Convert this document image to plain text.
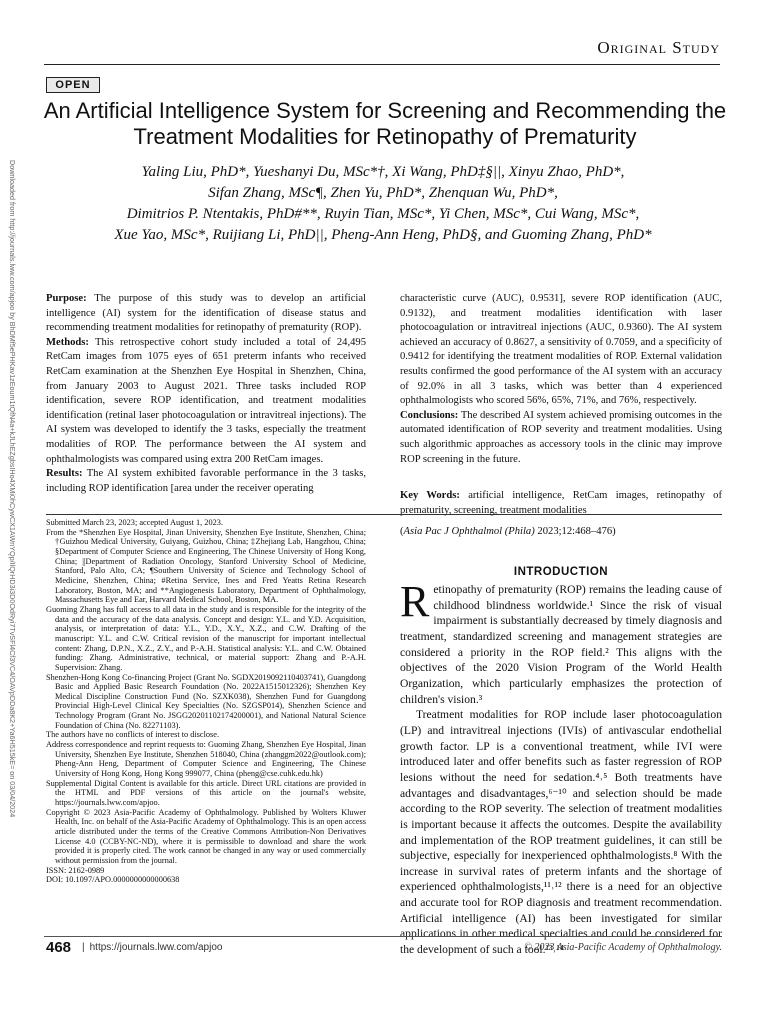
Original Study
OPEN
An Artificial Intelligence System for Screening and Recommending the Treatment Modalities for Retinopathy of Prematurity
Yaling Liu, PhD*, Yueshanyi Du, MSc*†, Xi Wang, PhD‡§||, Xinyu Zhao, PhD*,
Sifan Zhang, MSc¶, Zhen Yu, PhD*, Zhenquan Wu, PhD*,
Dimitrios P. Ntentakis, PhD#**, Ruyin Tian, MSc*, Yi Chen, MSc*, Cui Wang, MSc*,
Xue Yao, MSc*, Ruijiang Li, PhD||, Pheng-Ann Heng, PhD§, and Guoming Zhang, PhD*
Downloaded from http://journals.lww.com/apjoo by BhDMf5ePHKav1zEoum1tQfN4a+kJLhEZgbsIHo4XMi0hCywCX1AWnYQp/IlQrHD3i3D0OdRyi7TvSFl4Cf3VC4/OAVpDDa8K2+Ya6H515kE= on 03/04/2024	Purpose: The purpose of this study was to develop an artificial intelligence (AI) system for the identification of disease status and recommending treatment modalities for retinopathy of prematurity (ROP).

Methods: This retrospective cohort study included a total of 24,495 RetCam images from 1075 eyes of 651 preterm infants who received RetCam examination at the Shenzhen Eye Hospital in Shenzhen, China, from January 2003 to August 2021. Three tasks included ROP identification, severe ROP identification, and treatment modalities identification (retinal laser photocoagulation or intravitreal injections). The AI system was developed to identify the 3 tasks, especially the treatment modalities of ROP. The performance between the AI system and ophthalmologists was compared using extra 200 RetCam images.

Results: The AI system exhibited favorable performance in the 3 tasks, including ROP identification [area under the receiver operating

characteristic curve (AUC), 0.9531], severe ROP identification (AUC, 0.9132), and treatment modalities identification with laser photocoagulation or intravitreal injections (AUC, 0.9360). The AI system achieved an accuracy of 0.8627, a sensitivity of 0.7059, and a specificity of 0.9412 for identifying the treatment modalities of ROP. External validation results confirmed the good performance of the AI system with an accuracy of 92.0% in all 3 tasks, which was better than 4 experienced ophthalmologists who scored 56%, 65%, 71%, and 76%, respectively.

Conclusions: The described AI system achieved promising outcomes in the automated identification of ROP severity and treatment modalities. Using such algorithmic approaches as accessory tools in the clinic may improve ROP screening in the future.

Key Words: artificial intelligence, RetCam images, retinopathy of prematurity, screening, treatment modalities
(Asia Pac J Ophthalmol (Phila) 2023;12:468–476)

Submitted March 23, 2023; accepted August 1, 2023.

From the *Shenzhen Eye Hospital, Jinan University, Shenzhen Eye Institute, Shenzhen, China; †Guizhou Medical University, Guiyang, Guizhou, China; ‡Zhejiang Lab, Hangzhou, China; §Department of Computer Science and Engineering, The Chinese University of Hong Kong, China; ||Department of Radiation Oncology, Stanford University School of Medicine, Stanford, Palo Alto, CA; ¶Southern University of Science and Technology School of Medicine, Shenzhen, China; #Retina Service, Ines and Fred Yeatts Retina Research Laboratory, Boston, MA; and **Angiogenesis Laboratory, Department of Ophthalmology, Massachusetts Eye and Ear, Harvard Medical School, Boston, MA.

Guoming Zhang has full access to all data in the study and is responsible for the integrity of the data and the accuracy of the data analysis. Concept and design: Y.L. and Y.D. Acquisition, analysis, or interpretation of data: Y.L., Y.D., X.Y., X.Z., and C.W. Drafting of the manuscript: Y.L. and C.W. Critical revision of the manuscript for important intellectual content: Zhang, D.P.N., X.Z., Z.Y., and P.-A.H. Statistical analysis: Y.L. and C.W. Obtained funding: Zhang. Administrative, technical, or material support: Zhang and P.-A.H. Supervision: Zhang.

Shenzhen-Hong Kong Co-financing Project (Grant No. SGDX2019092110403741), Guangdong Basic and Applied Basic Research Foundation (No. 2022A1515012326); Shenzhen Key Medical Discipline Construction Fund (No. SZXK038), Shenzhen Fund for Guangdong Provincial High-Level Clinical Key Specialties (No. SZGSP014), Shenzhen Science and Technology Program (Grant No. JSGG20201102174200001), and National Natural Science Foundation of China (No. 82271103).

The authors have no conflicts of interest to disclose.

Address correspondence and reprint requests to: Guoming Zhang, Shenzhen Eye Hospital, Jinan University, Shenzhen Eye Institute, Shenzhen 518040, China (zhanggm2022@outlook.com); Pheng-Ann Heng, Department of Computer Science and Engineering, The Chinese University of Hong Kong, Hong Kong 999077, China (pheng@cse.cuhk.edu.hk)

Supplemental Digital Content is available for this article. Direct URL citations are provided in the HTML and PDF versions of this article on the journal's website, https://journals.lww.com/apjoo.

Copyright © 2023 Asia-Pacific Academy of Ophthalmology. Published by Wolters Kluwer Health, Inc. on behalf of the Asia-Pacific Academy of Ophthalmology. This is an open access article distributed under the terms of the Creative Commons Attribution-Non Derivatives License 4.0 (CCBY-NC-ND), where it is permissible to download and share the work provided it is properly cited. The work cannot be changed in any way or used commercially without permission from the journal.

ISSN: 2162-0989

DOI: 10.1097/APO.0000000000000638

INTRODUCTION

Retinopathy of prematurity (ROP) remains the leading cause of childhood blindness worldwide.¹ Since the risk of visual impairment is substantially decreased by timely diagnosis and treatment, standardized screening and management strategies are considered a priority in the ROP field.² This aligns with the objectives of the 2020 Vision Program of the World Health Organization, which particularly emphasizes the protection of children's vision.³

Treatment modalities for ROP include laser photocoagulation (LP) and intravitreal injections (IVIs) of antivascular endothelial growth factor. LP is a conventional treatment, while IVI were introduced later and offer benefits such as faster regression of ROP lesions without the need for sedation.⁴˒⁵ Both treatments have advantages and disadvantages,⁶⁻¹⁰ and selection should be made according to the ROP severity. The selection of treatment modalities is important because it affects the outcomes. Despite the availability and implementation of the ROP treatment guidelines, it can still be subjective, especially for inexperienced ophthalmologists.⁸ With the increase in survival rates of preterm infants and the shortage of experienced ophthalmologists,¹¹˒¹² there is a need for an objective and accurate tool for ROP diagnosis and treatment recommendation. Artificial intelligence (AI) has been investigated for similar applications in other medical specialties and could be considered for the development of such a tool.¹³˒¹⁴

468 | https://journals.lww.com/apjoo	© 2023 Asia-Pacific Academy of Ophthalmology.
